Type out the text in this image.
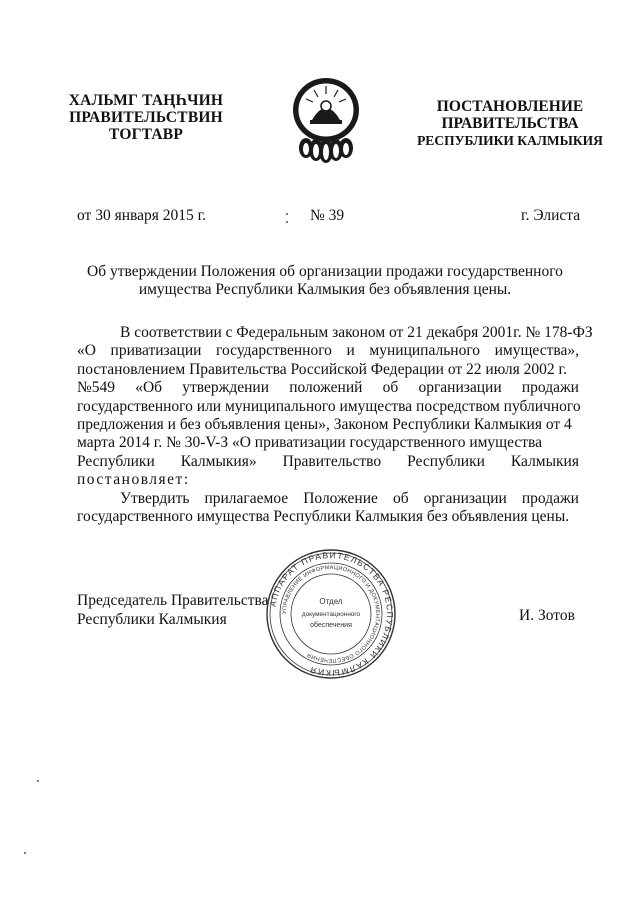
ХАЛЬМГ ТАҢҺЧИН
ПРАВИТЕЛЬСТВИН
ТОГТАВР
ПОСТАНОВЛЕНИЕ
ПРАВИТЕЛЬСТВА
РЕСПУБЛИКИ КАЛМЫКИЯ
от 30 января 2015 г.	№ 39	г. Элиста
Об утверждении Положения об организации продажи государственного
имущества Республики Калмыкия без объявления цены.
В соответствии с Федеральным законом от 21 декабря 2001г. № 178-ФЗ
«О приватизации государственного и муниципального имущества»,
постановлением Правительства Российской Федерации от 22 июля 2002 г.
№549 «Об утверждении положений об организации продажи
государственного или муниципального имущества посредством публичного
предложения и без объявления цены», Законом Республики Калмыкия от 4
марта 2014 г. № 30-V-З «О приватизации государственного имущества
Республики Калмыкия» Правительство Республики Калмыкия
постановляет:
Утвердить прилагаемое Положение об организации продажи
государственного имущества Республики Калмыкия без объявления цены.
Председатель Правительства
Республики Калмыкия	И. Зотов
АППАРАТ ПРАВИТЕЛЬСТВА РЕСПУБЛИКИ КАЛМЫКИЯ
УПРАВЛЕНИЕ ИНФОРМАЦИОННОГО И ДОКУМЕНТАЦИОННОГО ОБЕСПЕЧЕНИЯ
Отдел
документационного
обеспечения
